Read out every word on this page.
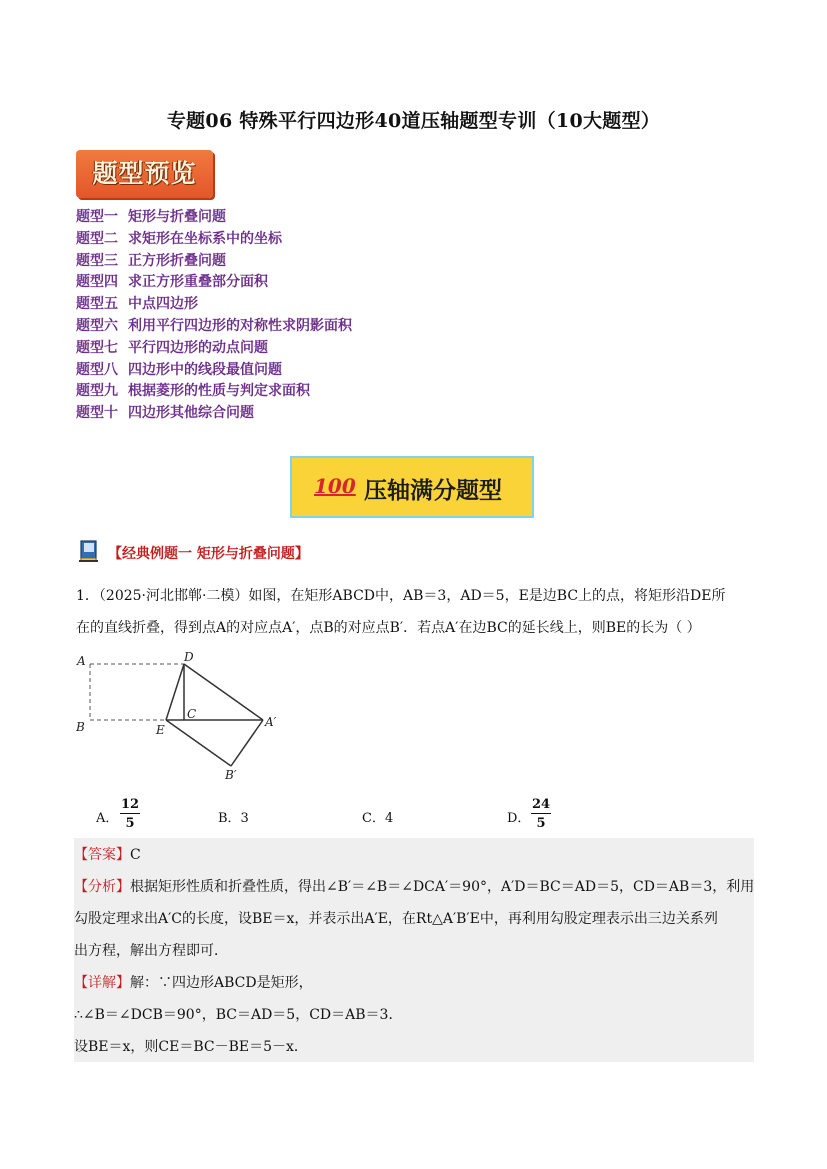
专题06 特殊平行四边形40道压轴题型专训（10大题型）
题型预览
题型一 矩形与折叠问题
题型二 求矩形在坐标系中的坐标
题型三 正方形折叠问题
题型四 求正方形重叠部分面积
题型五 中点四边形
题型六 利用平行四边形的对称性求阴影面积
题型七 平行四边形的动点问题
题型八 四边形中的线段最值问题
题型九 根据菱形的性质与判定求面积
题型十 四边形其他综合问题
100 压轴满分题型
【经典例题一 矩形与折叠问题】
1．（2025·河北邯郸·二模）如图，在矩形ABCD中，AB＝3，AD＝5，E是边BC上的点，将矩形沿DE所
在的直线折叠，得到点A的对应点A′，点B的对应点B′．若点A′在边BC的延长线上，则BE的长为（ ）
A	D
B
C
E
A′
B′
A． $\frac{12}{5}$	B．3	C．4	D． $\frac{24}{5}$
【答案】C
【分析】根据矩形性质和折叠性质，得出∠B′＝∠B＝∠DCA′＝90°，A′D＝BC＝AD＝5，CD＝AB＝3，利用
勾股定理求出A′C的长度，设BE＝x，并表示出A′E，在Rt△A′B′E中，再利用勾股定理表示出三边关系列
出方程，解出方程即可．
【详解】解：∵四边形ABCD是矩形，
∴∠B＝∠DCB＝90°，BC＝AD＝5，CD＝AB＝3．
设BE＝x，则CE＝BC－BE＝5－x．
